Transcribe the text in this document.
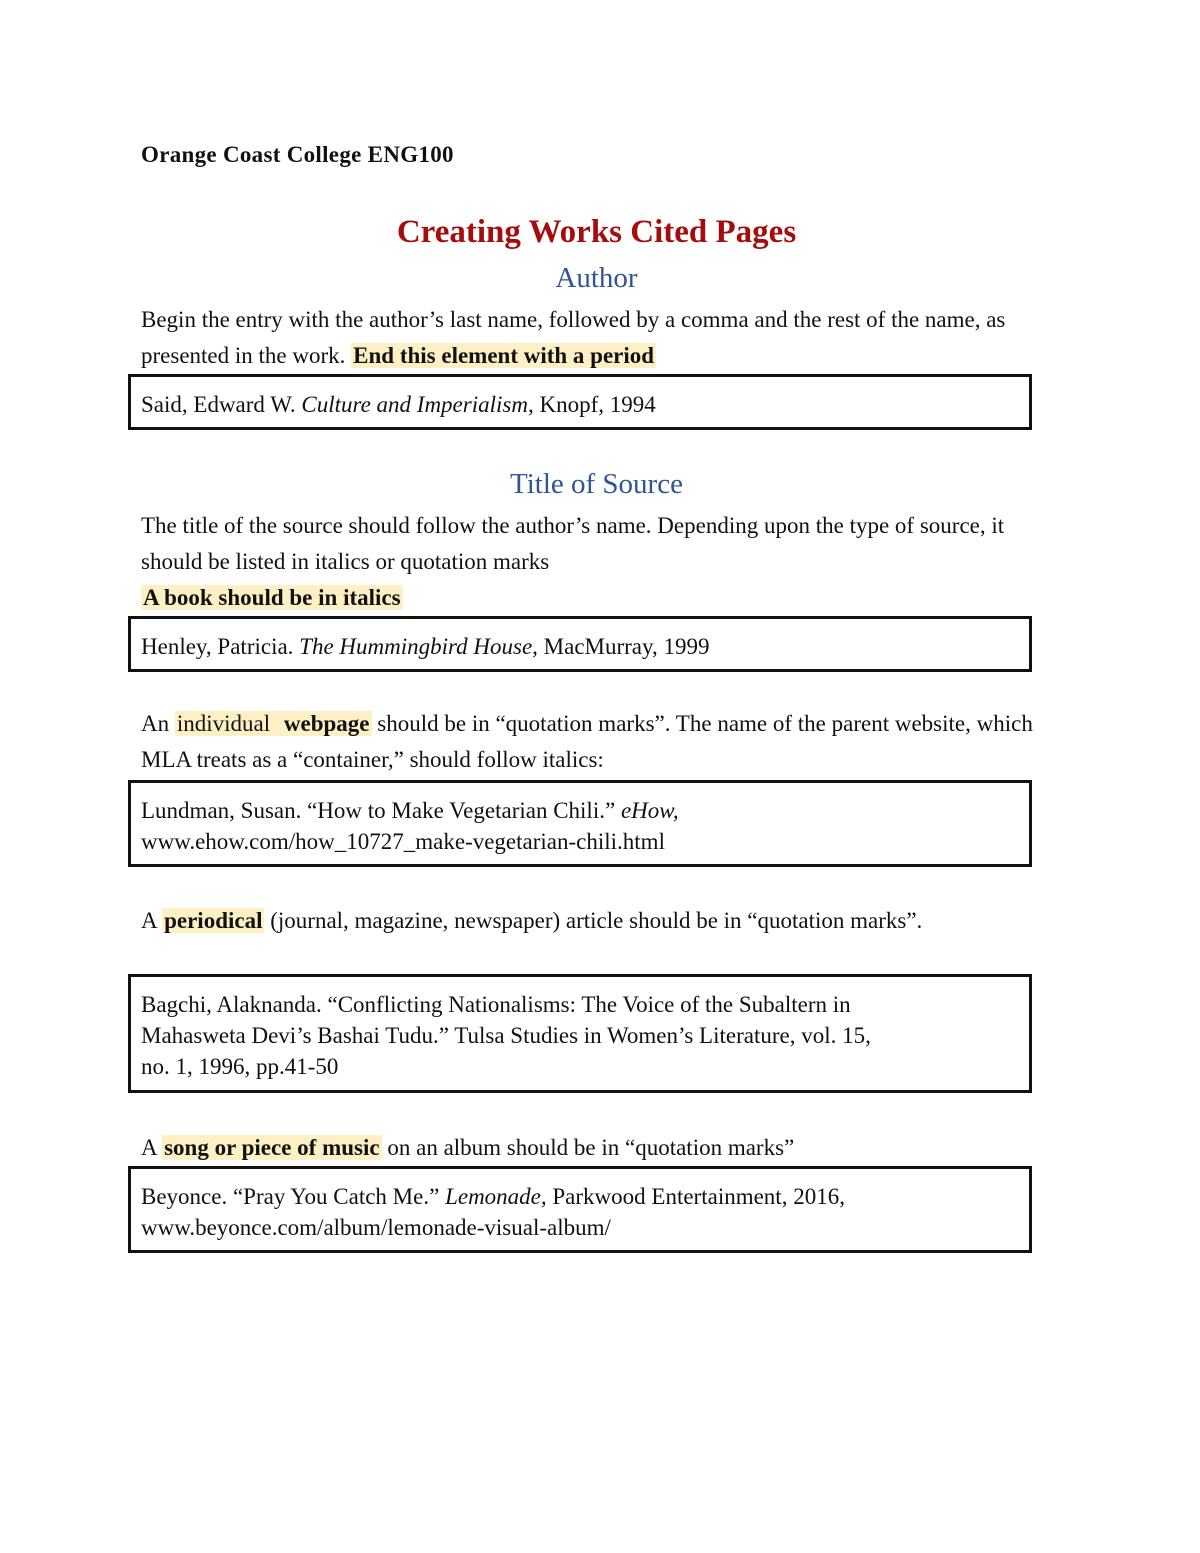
Orange Coast College ENG100
Creating Works Cited Pages
Author
Begin the entry with the author’s last name, followed by a comma and the rest of the name, as presented in the work. End this element with a period
Said, Edward W. Culture and Imperialism, Knopf, 1994
Title of Source
The title of the source should follow the author’s name. Depending upon the type of source, it should be listed in italics or quotation marks
A book should be in italics
Henley, Patricia. The Hummingbird House, MacMurray, 1999
An individual webpage should be in “quotation marks”. The name of the parent website, which MLA treats as a “container,” should follow italics:
Lundman, Susan. “How to Make Vegetarian Chili.” eHow,
www.ehow.com/how_10727_make-vegetarian-chili.html
A periodical (journal, magazine, newspaper) article should be in “quotation marks”.
Bagchi, Alaknanda. “Conflicting Nationalisms: The Voice of the Subaltern in
Mahasweta Devi’s Bashai Tudu.” Tulsa Studies in Women’s Literature, vol. 15,
no. 1, 1996, pp.41-50
A song or piece of music on an album should be in “quotation marks”
Beyonce. “Pray You Catch Me.” Lemonade, Parkwood Entertainment, 2016,
www.beyonce.com/album/lemonade-visual-album/
